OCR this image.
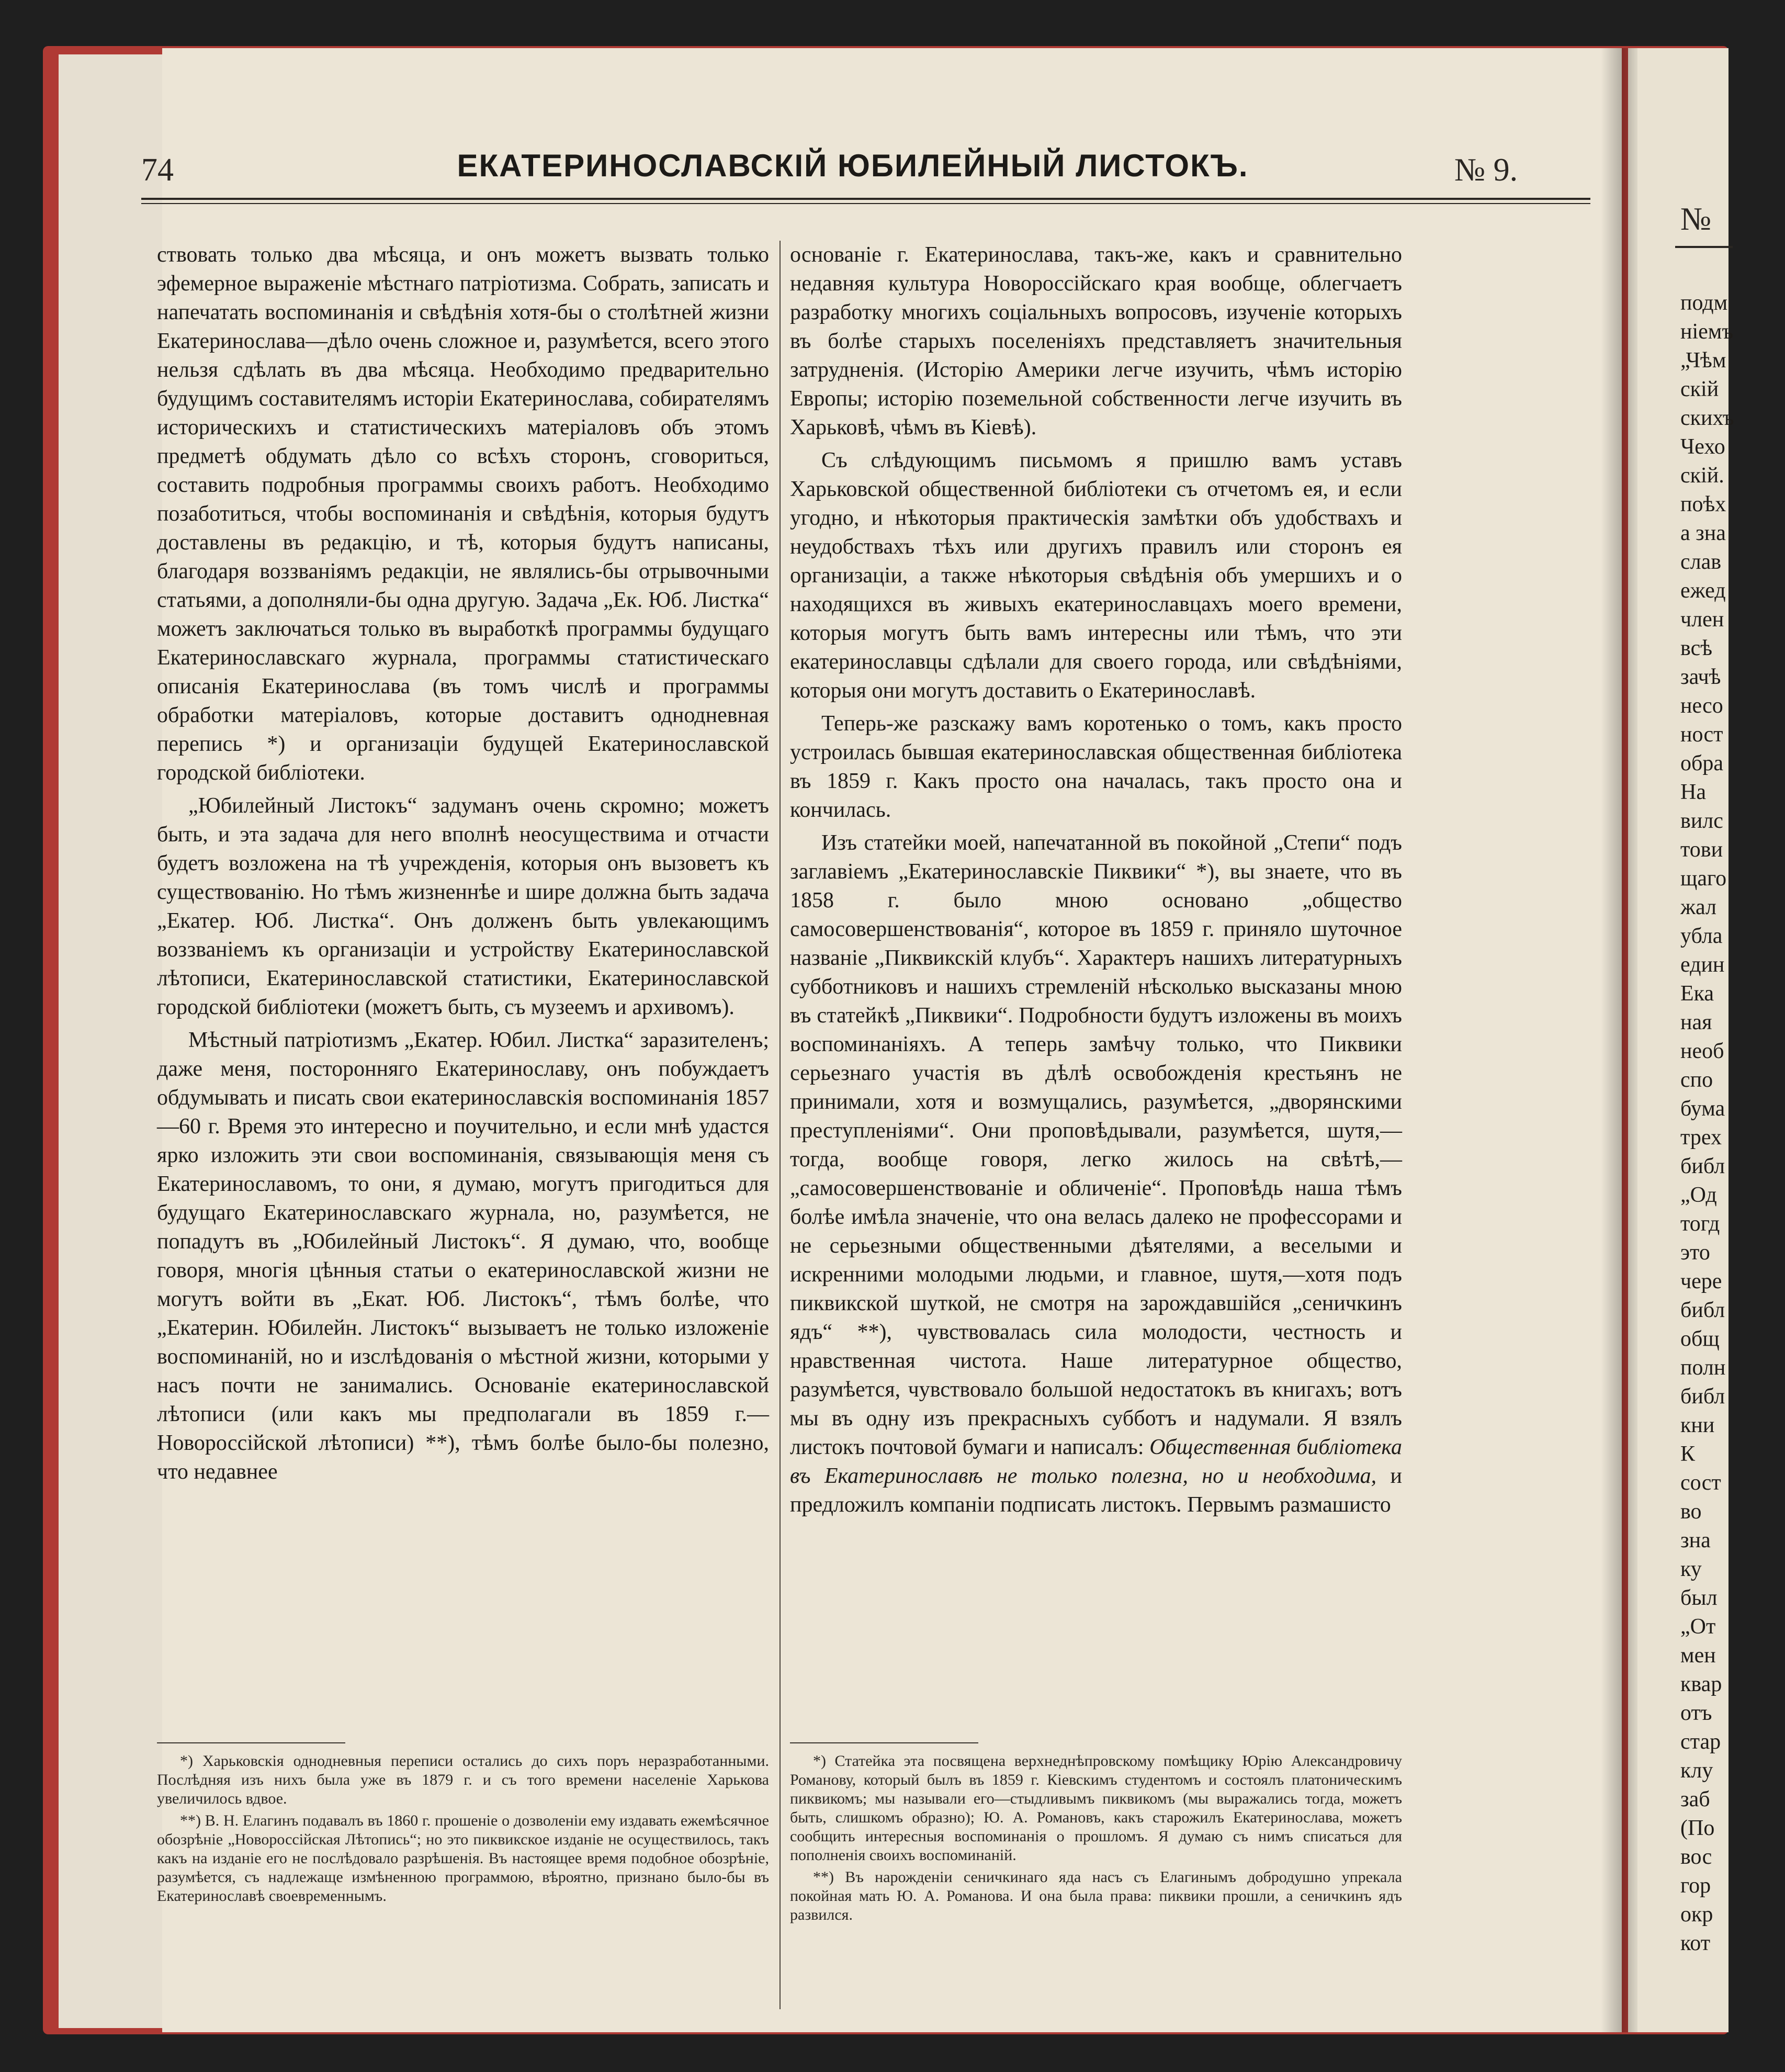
№
подм
ніемъ
„Чѣм
скій
скихъ
Чехо
скій.
поѣх
а зна
слав
ежед
член
всѣ
зачѣ
несо
ност
обра
На
вилс
тови
щаго
жал
убла
един
Ека
ная
необ
спо
бума
трех
библ
„Од
тогд
это
чере
библ
общ
полн
библ
кни
К
сост
во
зна
ку
был
„От
мен
квар
отъ
стар
клу
заб
(По
вос
гор
окр
кот
74	ЕКАТЕРИНОСЛАВСКІЙ ЮБИЛЕЙНЫЙ ЛИСТОКЪ.	№ 9.

ствовать только два мѣсяца, и онъ можетъ вызвать только эфемерное выраженіе мѣстнаго патріотизма. Собрать, записать и напечатать воспоминанія и свѣдѣнія хотя-бы о столѣтней жизни Екатеринослава—дѣло очень сложное и, разумѣется, всего этого нельзя сдѣлать въ два мѣсяца. Необходимо предварительно будущимъ составителямъ исторіи Екатеринослава, собирателямъ историческихъ и статистическихъ матеріаловъ объ этомъ предметѣ обдумать дѣло со всѣхъ сторонъ, сговориться, составить подробныя программы своихъ работъ. Необходимо позаботиться, чтобы воспоминанія и свѣдѣнія, которыя будутъ доставлены въ редакцію, и тѣ, которыя будутъ написаны, благодаря воззваніямъ редакціи, не являлись-бы отрывочными статьями, а дополняли-бы одна другую. Задача „Ек. Юб. Листка“ можетъ заключаться только въ выработкѣ программы будущаго Екатеринославскаго журнала, программы статистическаго описанія Екатеринослава (въ томъ числѣ и программы обработки матеріаловъ, которые доставитъ однодневная перепись *) и организаціи будущей Екатеринославской городской библіотеки.

„Юбилейный Листокъ“ задуманъ очень скромно; можетъ быть, и эта задача для него вполнѣ неосуществима и отчасти будетъ возложена на тѣ учрежденія, которыя онъ вызоветъ къ существованію. Но тѣмъ жизненнѣе и шире должна быть задача „Екатер. Юб. Листка“. Онъ долженъ быть увлекающимъ воззваніемъ къ организаціи и устройству Екатеринославской лѣтописи, Екатеринославской статистики, Екатеринославской городской библіотеки (можетъ быть, съ музеемъ и архивомъ).

Мѣстный патріотизмъ „Екатер. Юбил. Листка“ заразителенъ; даже меня, посторонняго Екатеринославу, онъ побуждаетъ обдумывать и писать свои екатеринославскія воспоминанія 1857—60 г. Время это интересно и поучительно, и если мнѣ удастся ярко изложить эти свои воспоминанія, связывающія меня съ Екатеринославомъ, то они, я думаю, могутъ пригодиться для будущаго Екатеринославскаго журнала, но, разумѣется, не попадутъ въ „Юбилейный Листокъ“. Я думаю, что, вообще говоря, многія цѣнныя статьи о екатеринославской жизни не могутъ войти въ „Екат. Юб. Листокъ“, тѣмъ болѣе, что „Екатерин. Юбилейн. Листокъ“ вызываетъ не только изложеніе воспоминаній, но и изслѣдованія о мѣстной жизни, которыми у насъ почти не занимались. Основаніе екатеринославской лѣтописи (или какъ мы предполагали въ 1859 г.—Новороссійской лѣтописи) **), тѣмъ болѣе было-бы полезно, что недавнее

основаніе г. Екатеринослава, такъ-же, какъ и сравнительно недавняя культура Новороссійскаго края вообще, облегчаетъ разработку многихъ соціальныхъ вопросовъ, изученіе которыхъ въ болѣе старыхъ поселеніяхъ представляетъ значительныя затрудненія. (Исторію Америки легче изучить, чѣмъ исторію Европы; исторію поземельной собственности легче изучить въ Харьковѣ, чѣмъ въ Кіевѣ).

Съ слѣдующимъ письмомъ я пришлю вамъ уставъ Харьковской общественной библіотеки съ отчетомъ ея, и если угодно, и нѣкоторыя практическія замѣтки объ удобствахъ и неудобствахъ тѣхъ или другихъ правилъ или сторонъ ея организаціи, а также нѣкоторыя свѣдѣнія объ умершихъ и о находящихся въ живыхъ екатеринославцахъ моего времени, которыя могутъ быть вамъ интересны или тѣмъ, что эти екатеринославцы сдѣлали для своего города, или свѣдѣніями, которыя они могутъ доставить о Екатеринославѣ.

Теперь-же разскажу вамъ коротенько о томъ, какъ просто устроилась бывшая екатеринославская общественная библіотека въ 1859 г. Какъ просто она началась, такъ просто она и кончилась.

Изъ статейки моей, напечатанной въ покойной „Степи“ подъ заглавіемъ „Екатеринославскіе Пиквики“ *), вы знаете, что въ 1858 г. было мною основано „общество самосовершенствованія“, которое въ 1859 г. приняло шуточное названіе „Пиквикскій клубъ“. Характеръ нашихъ литературныхъ субботниковъ и нашихъ стремленій нѣсколько высказаны мною въ статейкѣ „Пиквики“. Подробности будутъ изложены въ моихъ воспоминаніяхъ. А теперь замѣчу только, что Пиквики серьезнаго участія въ дѣлѣ освобожденія крестьянъ не принимали, хотя и возмущались, разумѣется, „дворянскими преступленіями“. Они проповѣдывали, разумѣется, шутя,—тогда, вообще говоря, легко жилось на свѣтѣ,—„самосовершенствованіе и обличеніе“. Проповѣдь наша тѣмъ болѣе имѣла значеніе, что она велась далеко не профессорами и не серьезными общественными дѣятелями, а веселыми и искренними молодыми людьми, и главное, шутя,—хотя подъ пиквикской шуткой, не смотря на зарождавшійся „сеничкинъ ядъ“ **), чувствовалась сила молодости, честность и нравственная чистота. Наше литературное общество, разумѣется, чувствовало большой недостатокъ въ книгахъ; вотъ мы въ одну изъ прекрасныхъ субботъ и надумали. Я взялъ листокъ почтовой бумаги и написалъ: Общественная библіотека въ Екатеринославѣ не только полезна, но и необходима, и предложилъ компаніи подписать листокъ. Первымъ размашисто

*) Харьковскія однодневныя переписи остались до сихъ поръ неразработанными. Послѣдняя изъ нихъ была уже въ 1879 г. и съ того времени населеніе Харькова увеличилось вдвое.

**) В. Н. Елагинъ подавалъ въ 1860 г. прошеніе о дозволеніи ему издавать ежемѣсячное обозрѣніе „Новороссійская Лѣтопись“; но это пиквикское изданіе не осуществилось, такъ какъ на изданіе его не послѣдовало разрѣшенія. Въ настоящее время подобное обозрѣніе, разумѣется, съ надлежаще измѣненною программою, вѣроятно, признано было-бы въ Екатеринославѣ своевременнымъ.

*) Статейка эта посвящена верхнеднѣпровскому помѣщику Юрію Александровичу Романову, который былъ въ 1859 г. Кіевскимъ студентомъ и состоялъ платоническимъ пиквикомъ; мы называли его—стыдливымъ пиквикомъ (мы выражались тогда, можетъ быть, слишкомъ образно); Ю. А. Романовъ, какъ старожилъ Екатеринослава, можетъ сообщить интересныя воспоминанія о прошломъ. Я думаю съ нимъ списаться для пополненія своихъ воспоминаній.

**) Въ нарожденіи сеничкинаго яда насъ съ Елагинымъ добродушно упрекала покойная мать Ю. А. Романова. И она была права: пиквики прошли, а сеничкинъ ядъ развился.
